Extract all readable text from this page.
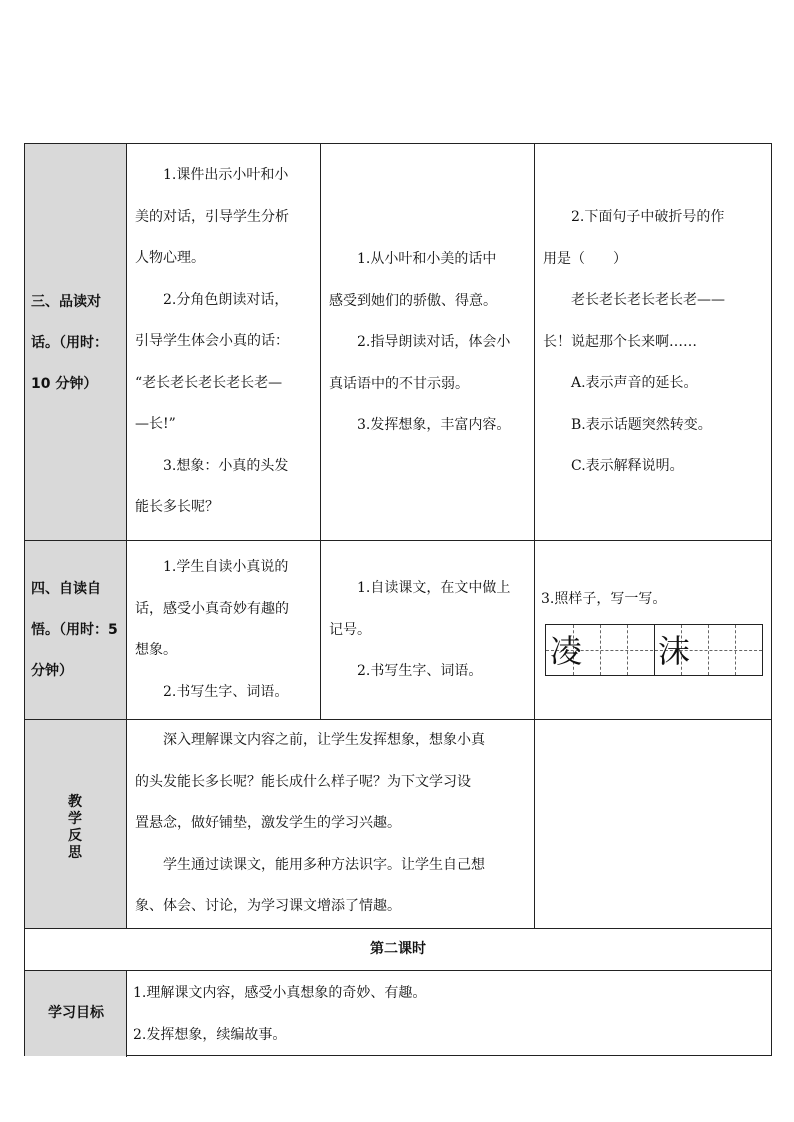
三、品读对
话。（用时：
10 分钟）

1.课件出示小叶和小

美的对话，引导学生分析

人物心理。

2.分角色朗读对话，

引导学生体会小真的话：

“老长老长老长老长老—

—长!”

3.想象：小真的头发

能长多长呢？

1.从小叶和小美的话中

感受到她们的骄傲、得意。

2.指导朗读对话，体会小

真话语中的不甘示弱。

3.发挥想象，丰富内容。

2.下面句子中破折号的作

用是（　　）

老长老长老长老长老——

长！说起那个长来啊……

A.表示声音的延长。

B.表示话题突然转变。

C.表示解释说明。

四、自读自
悟。（用时：5
分钟）

1.学生自读小真说的

话，感受小真奇妙有趣的

想象。

2.书写生字、词语。

1.自读课文，在文中做上

记号。

2.书写生字、词语。

3.照样子，写一写。

凌 沫
教
学
反
思

深入理解课文内容之前，让学生发挥想象，想象小真

的头发能长多长呢？能长成什么样子呢？为下文学习设

置悬念，做好铺垫，激发学生的学习兴趣。

学生通过读课文，能用多种方法识字。让学生自己想

象、体会、讨论，为学习课文增添了情趣。

第二课时
学习目标

1.理解课文内容，感受小真想象的奇妙、有趣。

2.发挥想象，续编故事。
